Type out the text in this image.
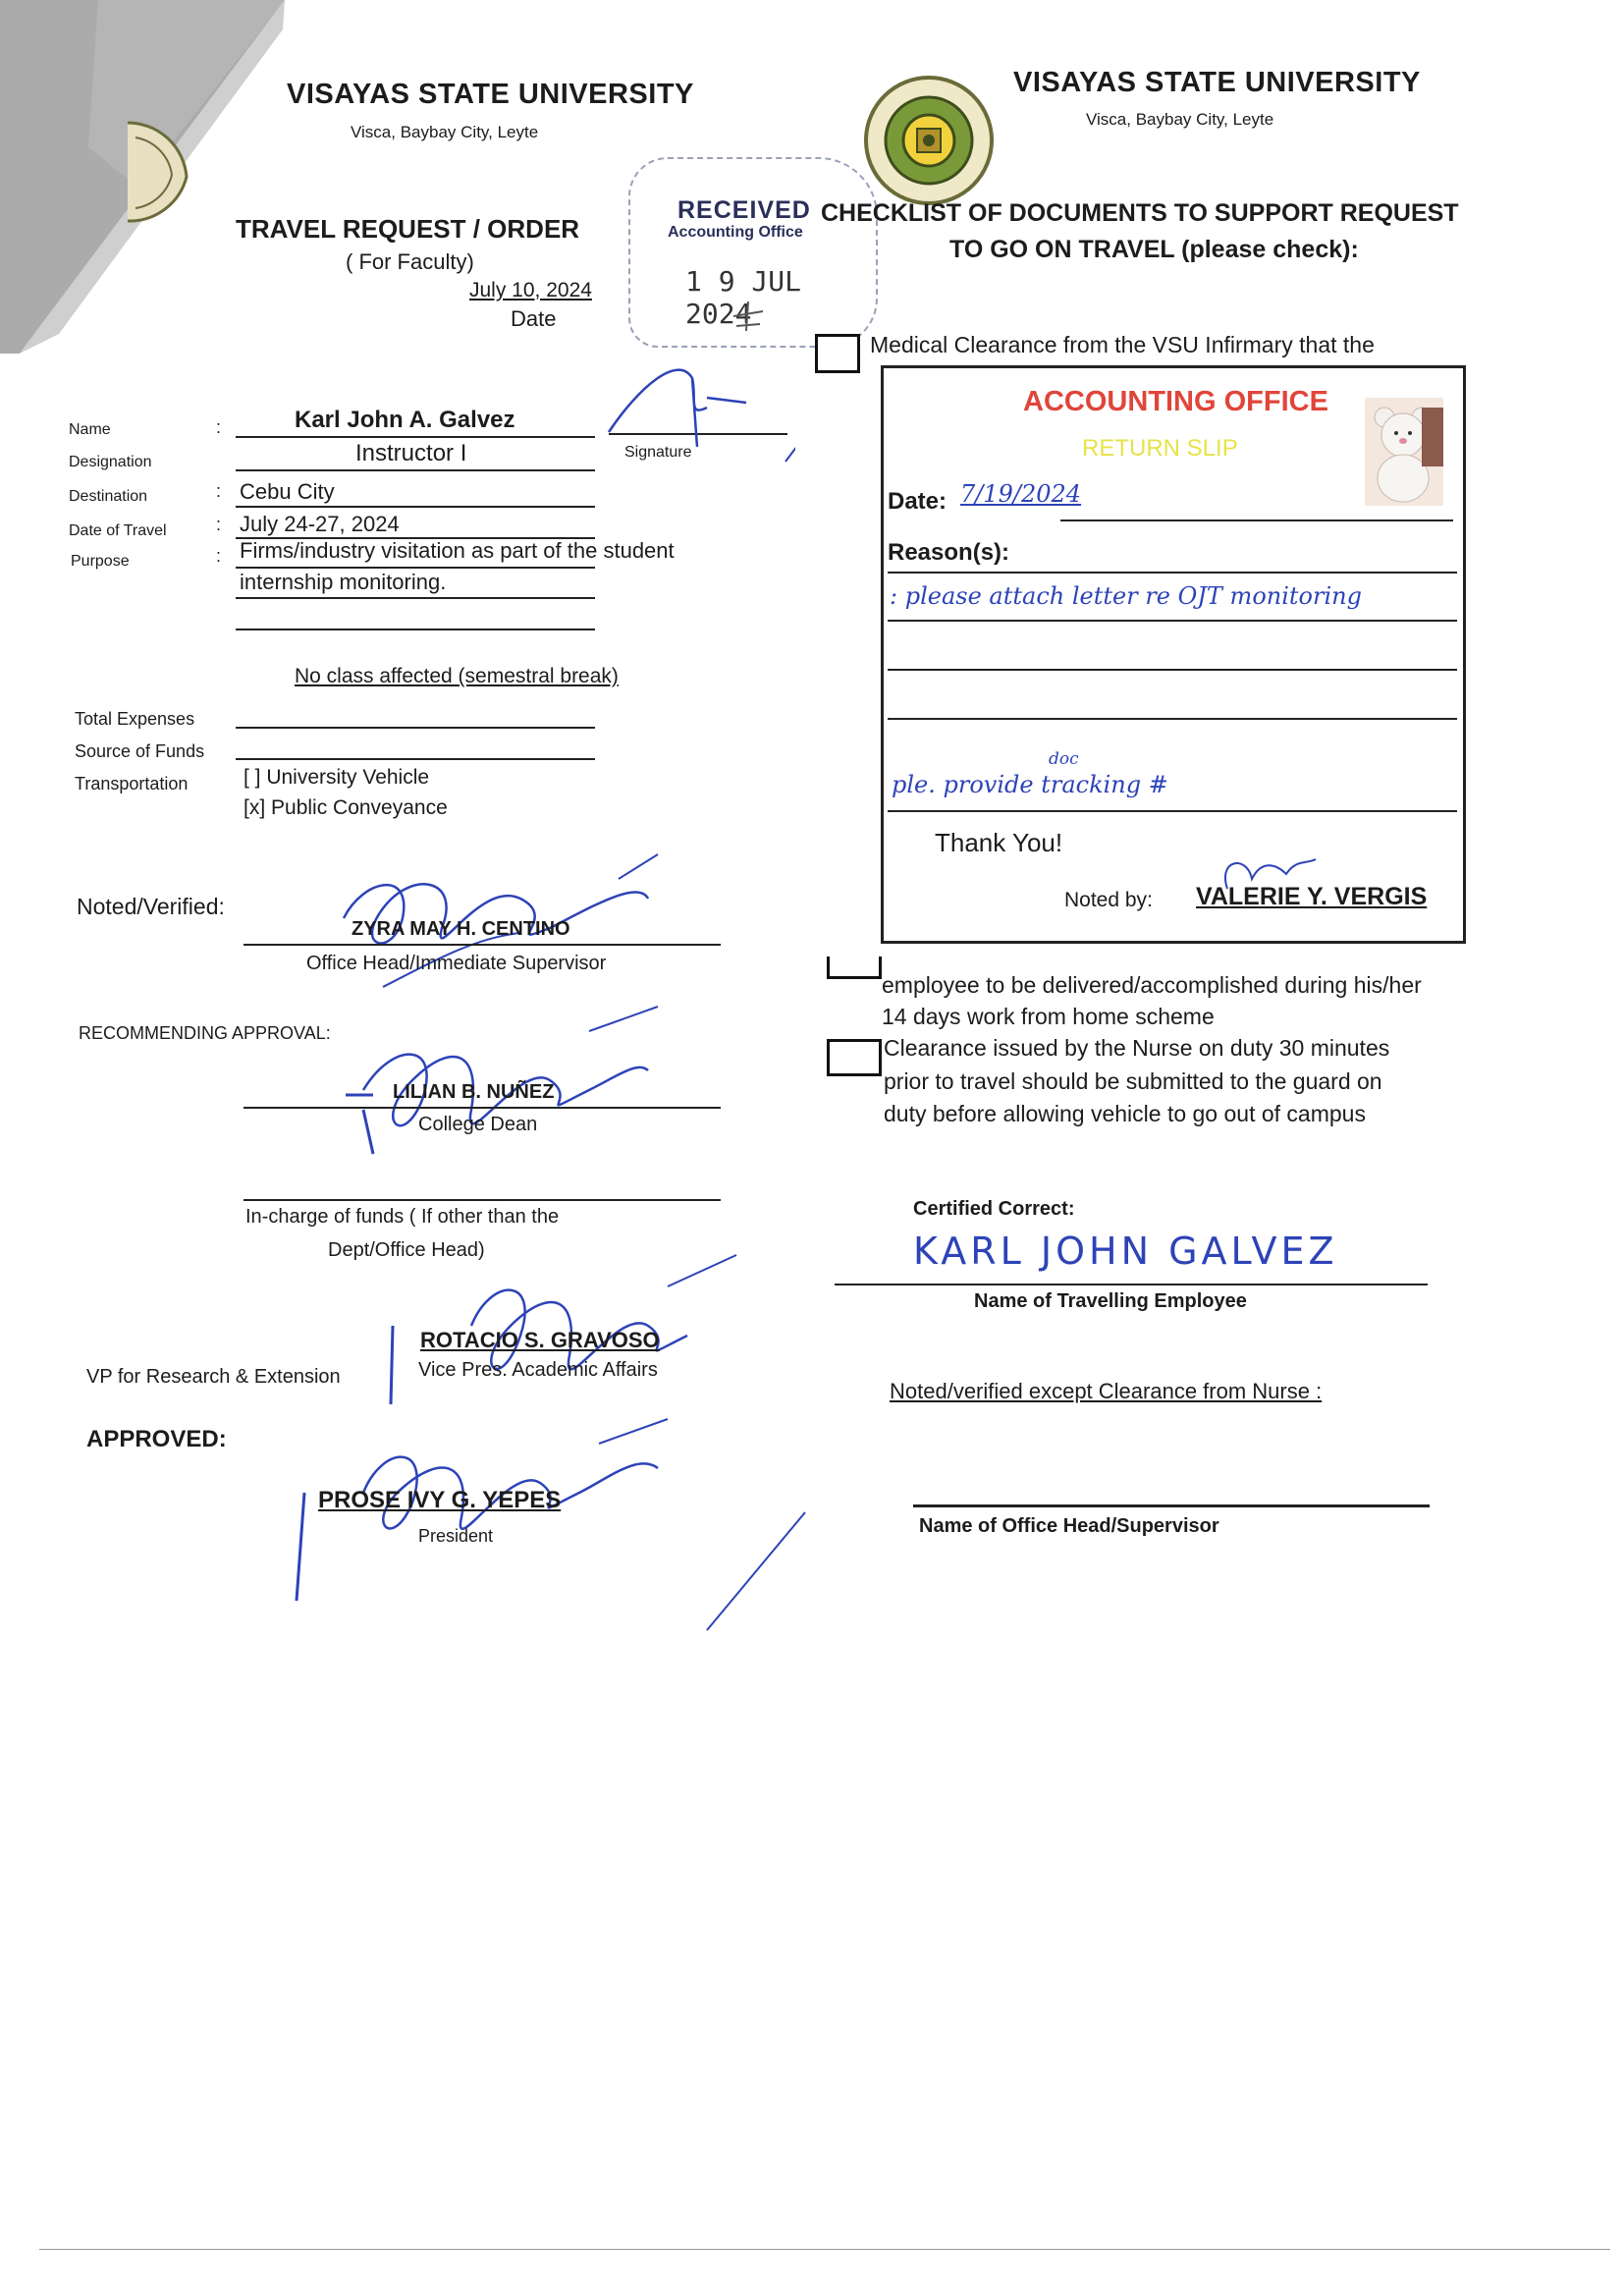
VISAYAS STATE UNIVERSITY
Visca, Baybay City, Leyte
TRAVEL REQUEST / ORDER
( For Faculty)
July 10, 2024
Date
RECEIVED
Accounting Office
1 9 JUL 2024
VISAYAS STATE UNIVERSITY
Visca, Baybay City, Leyte
CHECKLIST OF DOCUMENTS TO SUPPORT REQUEST
TO GO ON TRAVEL (please check):
Medical Clearance from the VSU Infirmary that the
Name	:	Karl John A. Galvez
Designation	Instructor I	Signature
Destination	: Cebu City
Date of Travel	: July 24-27, 2024
Purpose	: Firms/industry visitation as part of the student
internship monitoring.
No class affected (semestral break)
Total Expenses
Source of Funds
Transportation	[ ] University Vehicle
[x] Public Conveyance
Noted/Verified:
ZYRA MAY H. CENTINO
Office Head/Immediate Supervisor
RECOMMENDING APPROVAL:
LILIAN B. NUÑEZ
College Dean
In-charge of funds ( If other than the
Dept/Office Head)
ROTACIO S. GRAVOSO
VP for Research & Extension	Vice Pres. Academic Affairs
APPROVED:
PROSE IVY G. YEPES
President
ACCOUNTING OFFICE
RETURN SLIP
Date: 7/19/2024
Reason(s):
: please attach letter re OJT monitoring
doc
ple. provide tracking #
Thank You!
Noted by: VALERIE Y. VERGIS
employee to be delivered/accomplished during his/her
14 days work from home scheme
Clearance issued by the Nurse on duty 30 minutes
prior to travel should be submitted to the guard on
duty before allowing vehicle to go out of campus
Certified Correct:
KARL JOHN GALVEZ
Name of Travelling Employee
Noted/verified except Clearance from Nurse :
Name of Office Head/Supervisor
